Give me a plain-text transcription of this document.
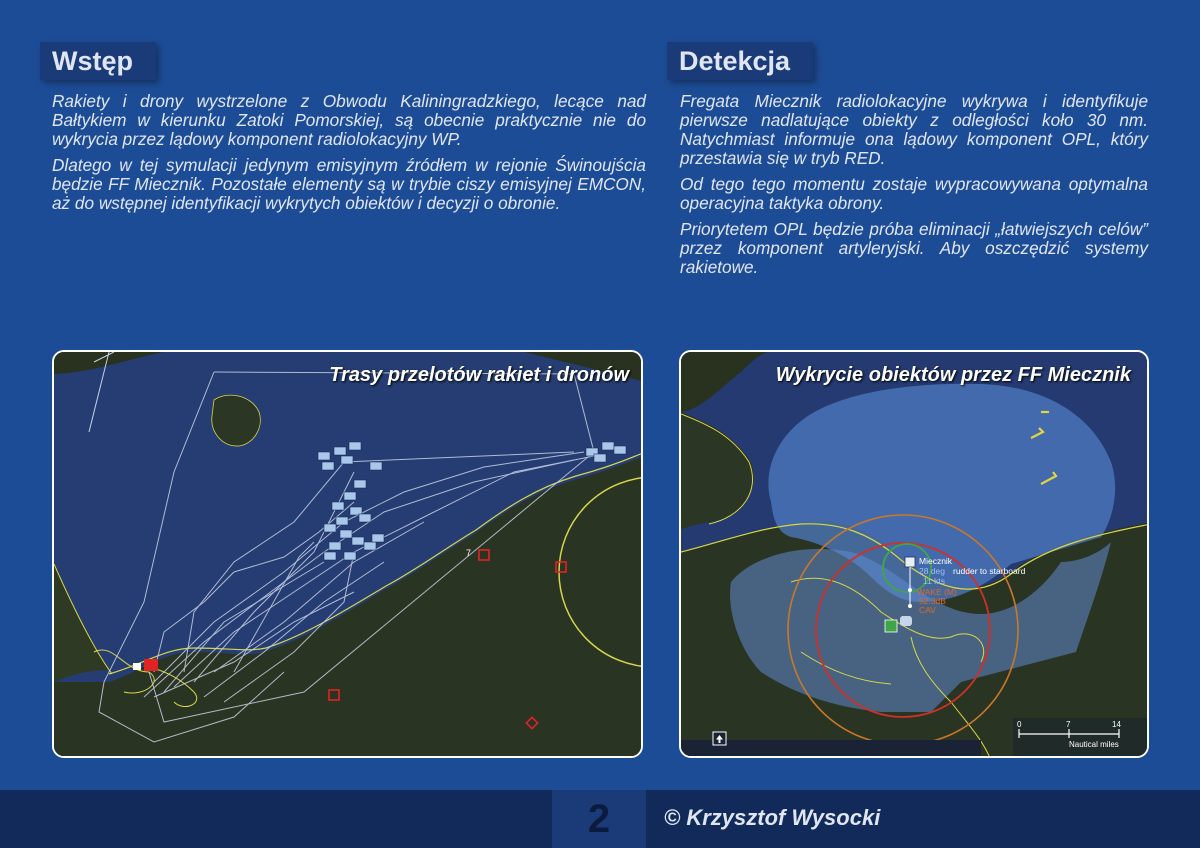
Wstęp

Rakiety i drony wystrzelone z Obwodu Kaliningradzkiego, lecące nad Bałtykiem w kierunku Zatoki Pomorskiej, są obecnie praktycznie nie do wykrycia przez lądowy komponent radiolokacyjny WP.

Dlatego w tej symulacji jedynym emisyjnym źródłem w rejonie Świnoujścia będzie FF Miecznik. Pozostałe elementy są w trybie ciszy emisyjnej EMCON, aż do wstępnej identyfikacji wykrytych obiektów i decyzji o obronie.

Detekcja

Fregata Miecznik radiolokacyjne wykrywa i identyfikuje pierwsze nadlatujące obiekty z odległości koło 30 nm. Natychmiast informuje ona lądowy komponent OPL, który przestawia się w tryb RED.

Od tego tego momentu zostaje wypracowywana optymalna operacyjna taktyka obrony.

Priorytetem OPL będzie próba eliminacji „łatwiejszych celów” przez komponent artyleryjski. Aby oszczędzić systemy rakietowe.

7
Trasy przelotów rakiet i dronów
Miecznik
28 deg rudder to starboard
11 kts
WAKE (M)
52.3dB
CAV
0	7	14
Nautical miles
Wykrycie obiektów przez FF Miecznik
2	© Krzysztof Wysocki
